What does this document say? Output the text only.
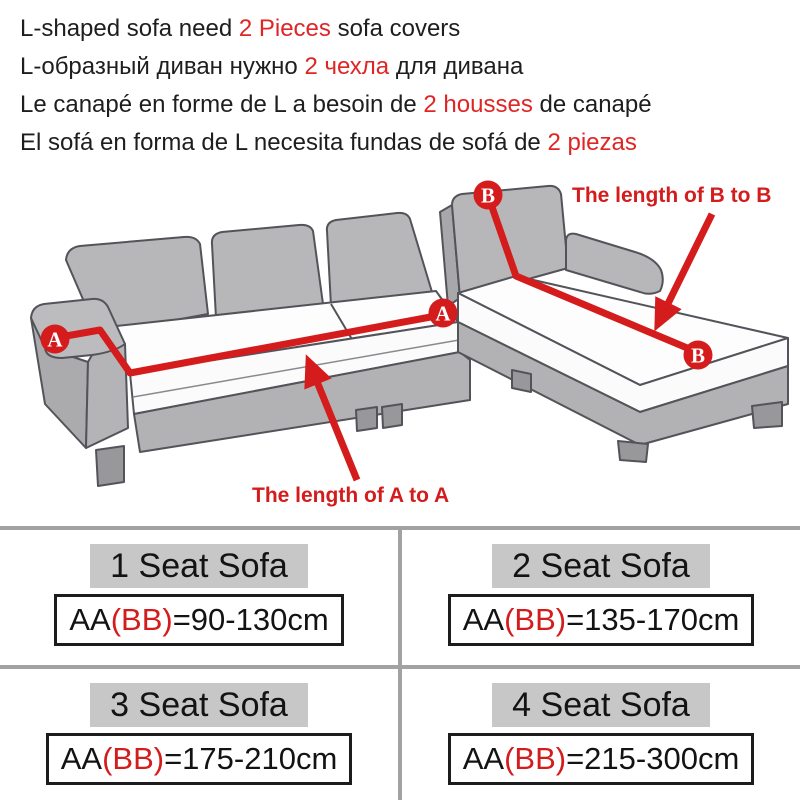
L-shaped sofa need 2 Pieces sofa covers
L-образный диван нужно 2 чехла для дивана
Le canapé en forme de L a besoin de 2 housses de canapé
El sofá en forma de L necesita fundas de sofá de 2 piezas
A
A
B
B
The length of B to B
The length of A to A
1 Seat Sofa
AA(BB)=90-130cm
2 Seat Sofa
AA(BB)=135-170cm
3 Seat Sofa
AA(BB)=175-210cm
4 Seat Sofa
AA(BB)=215-300cm
